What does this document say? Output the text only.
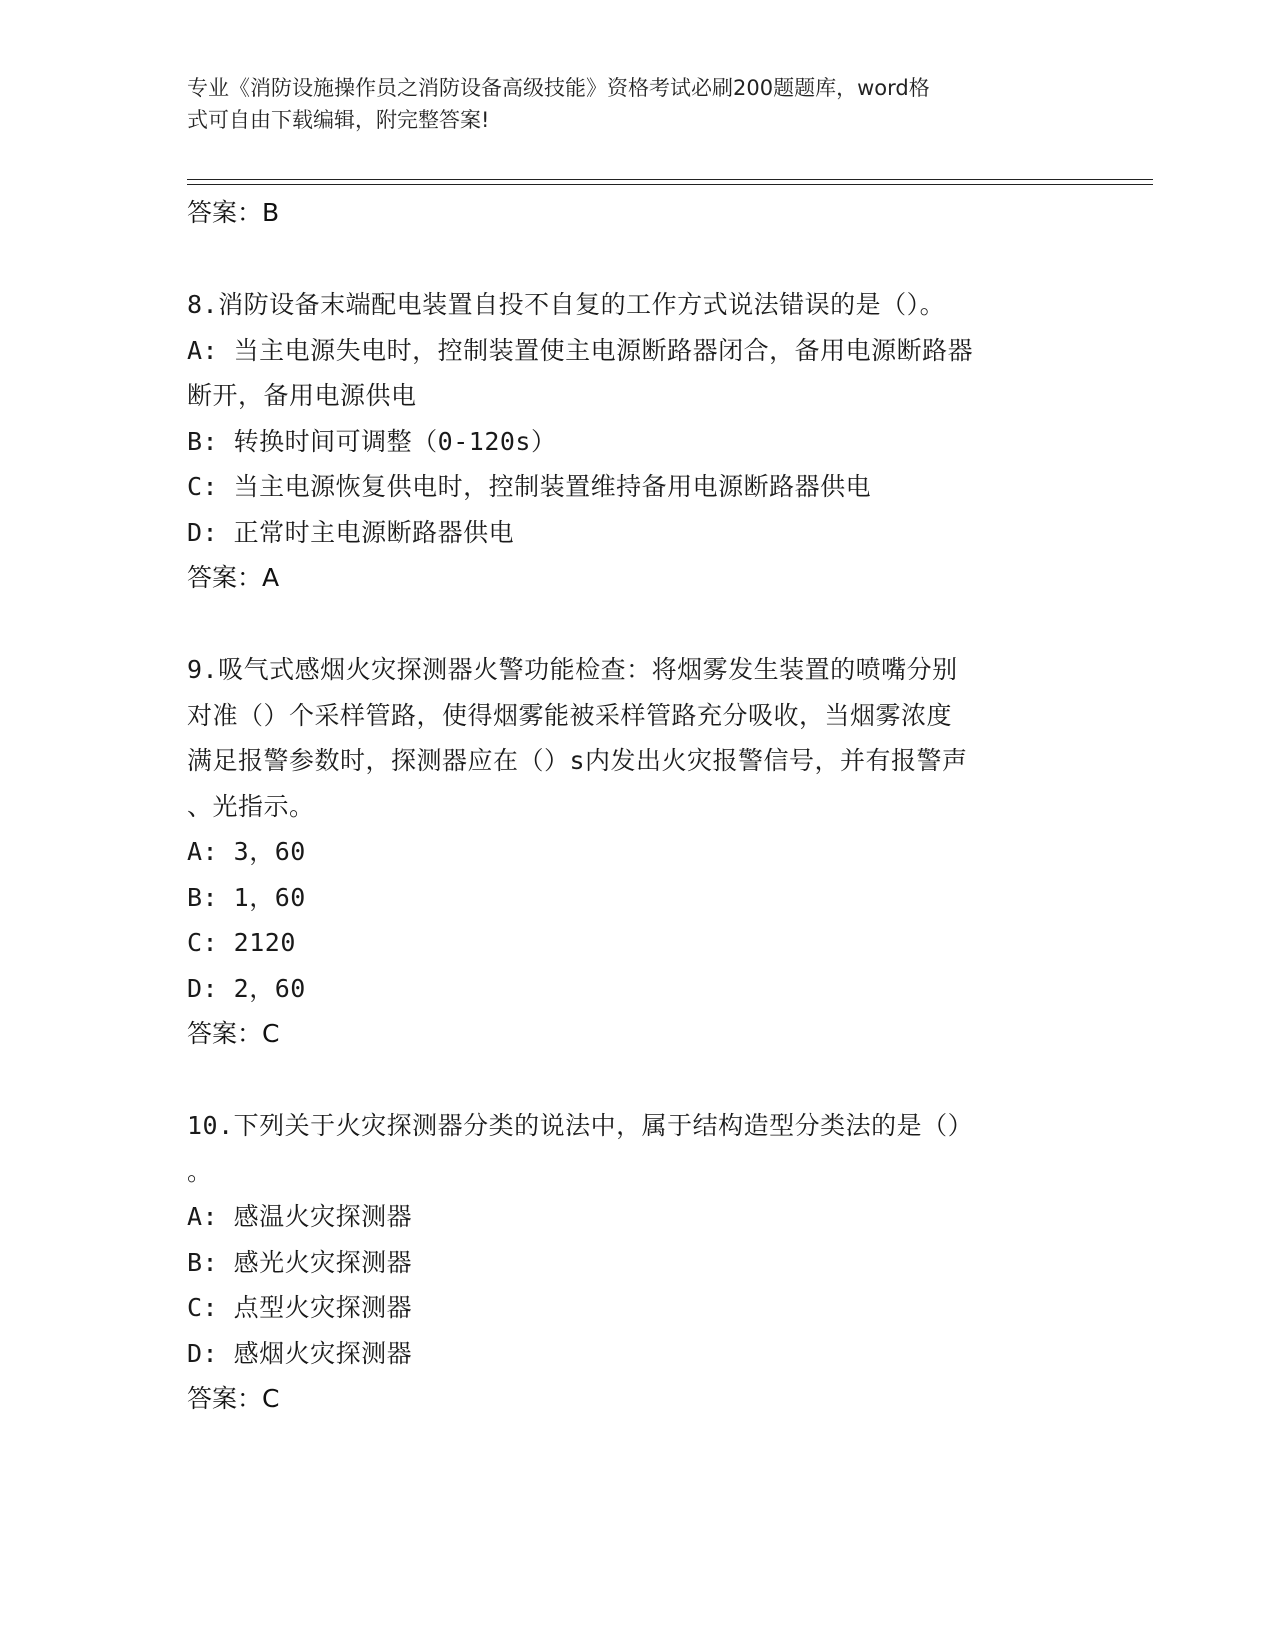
专业《消防设施操作员之消防设备高级技能》资格考试必刷200题题库，word格
式可自由下载编辑，附完整答案!
答案：B
8.消防设备末端配电装置自投不自复的工作方式说法错误的是（）。
A: 当主电源失电时，控制装置使主电源断路器闭合，备用电源断路器
断开，备用电源供电
B: 转换时间可调整（0-120s）
C: 当主电源恢复供电时，控制装置维持备用电源断路器供电
D: 正常时主电源断路器供电
答案：A
9.吸气式感烟火灾探测器火警功能检查：将烟雾发生装置的喷嘴分别
对准（）个采样管路，使得烟雾能被采样管路充分吸收，当烟雾浓度
满足报警参数时，探测器应在（）s内发出火灾报警信号，并有报警声
、光指示。
A: 3，60
B: 1，60
C: 2120
D: 2，60
答案：C
10.下列关于火灾探测器分类的说法中，属于结构造型分类法的是（）
。
A: 感温火灾探测器
B: 感光火灾探测器
C: 点型火灾探测器
D: 感烟火灾探测器
答案：C
